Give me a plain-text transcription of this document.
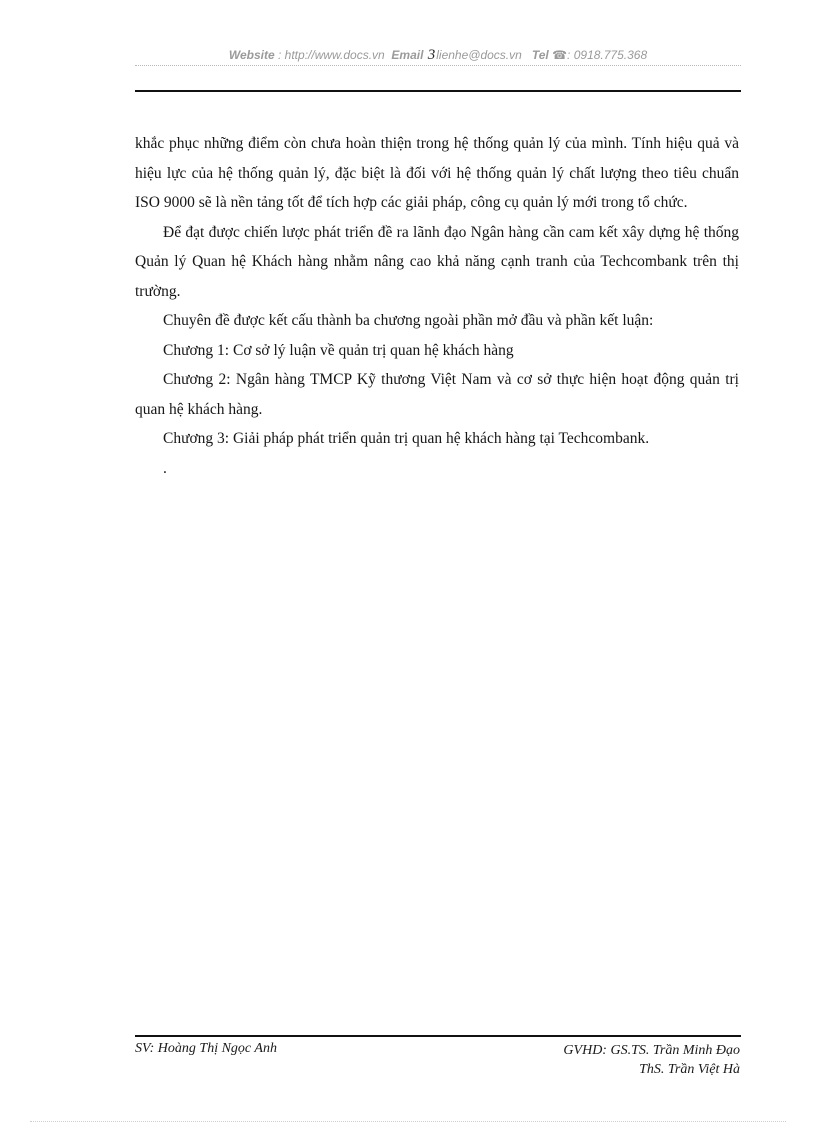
Website : http://www.docs.vn Email 3lienhe@docs.vn Tel ☎: 0918.775.368

khắc phục những điểm còn chưa hoàn thiện trong hệ thống quản lý của mình. Tính hiệu quả và hiệu lực của hệ thống quản lý, đặc biệt là đối với hệ thống quản lý chất lượng theo tiêu chuẩn ISO 9000 sẽ là nền tảng tốt để tích hợp các giải pháp, công cụ quản lý mới trong tổ chức.

Để đạt được chiến lược phát triển đề ra lãnh đạo Ngân hàng cần cam kết xây dựng hệ thống Quản lý Quan hệ Khách hàng nhằm nâng cao khả năng cạnh tranh của Techcombank trên thị trường.

Chuyên đề được kết cấu thành ba chương ngoài phần mở đầu và phần kết luận:

Chương 1: Cơ sở lý luận về quản trị quan hệ khách hàng

Chương 2: Ngân hàng TMCP Kỹ thương Việt Nam và cơ sở thực hiện hoạt động quản trị quan hệ khách hàng.

Chương 3: Giải pháp phát triển quản trị quan hệ khách hàng tại Techcombank.

.

SV: Hoàng Thị Ngọc Anh	GVHD: GS.TS. Trần Minh Đạo
ThS. Trần Việt Hà
